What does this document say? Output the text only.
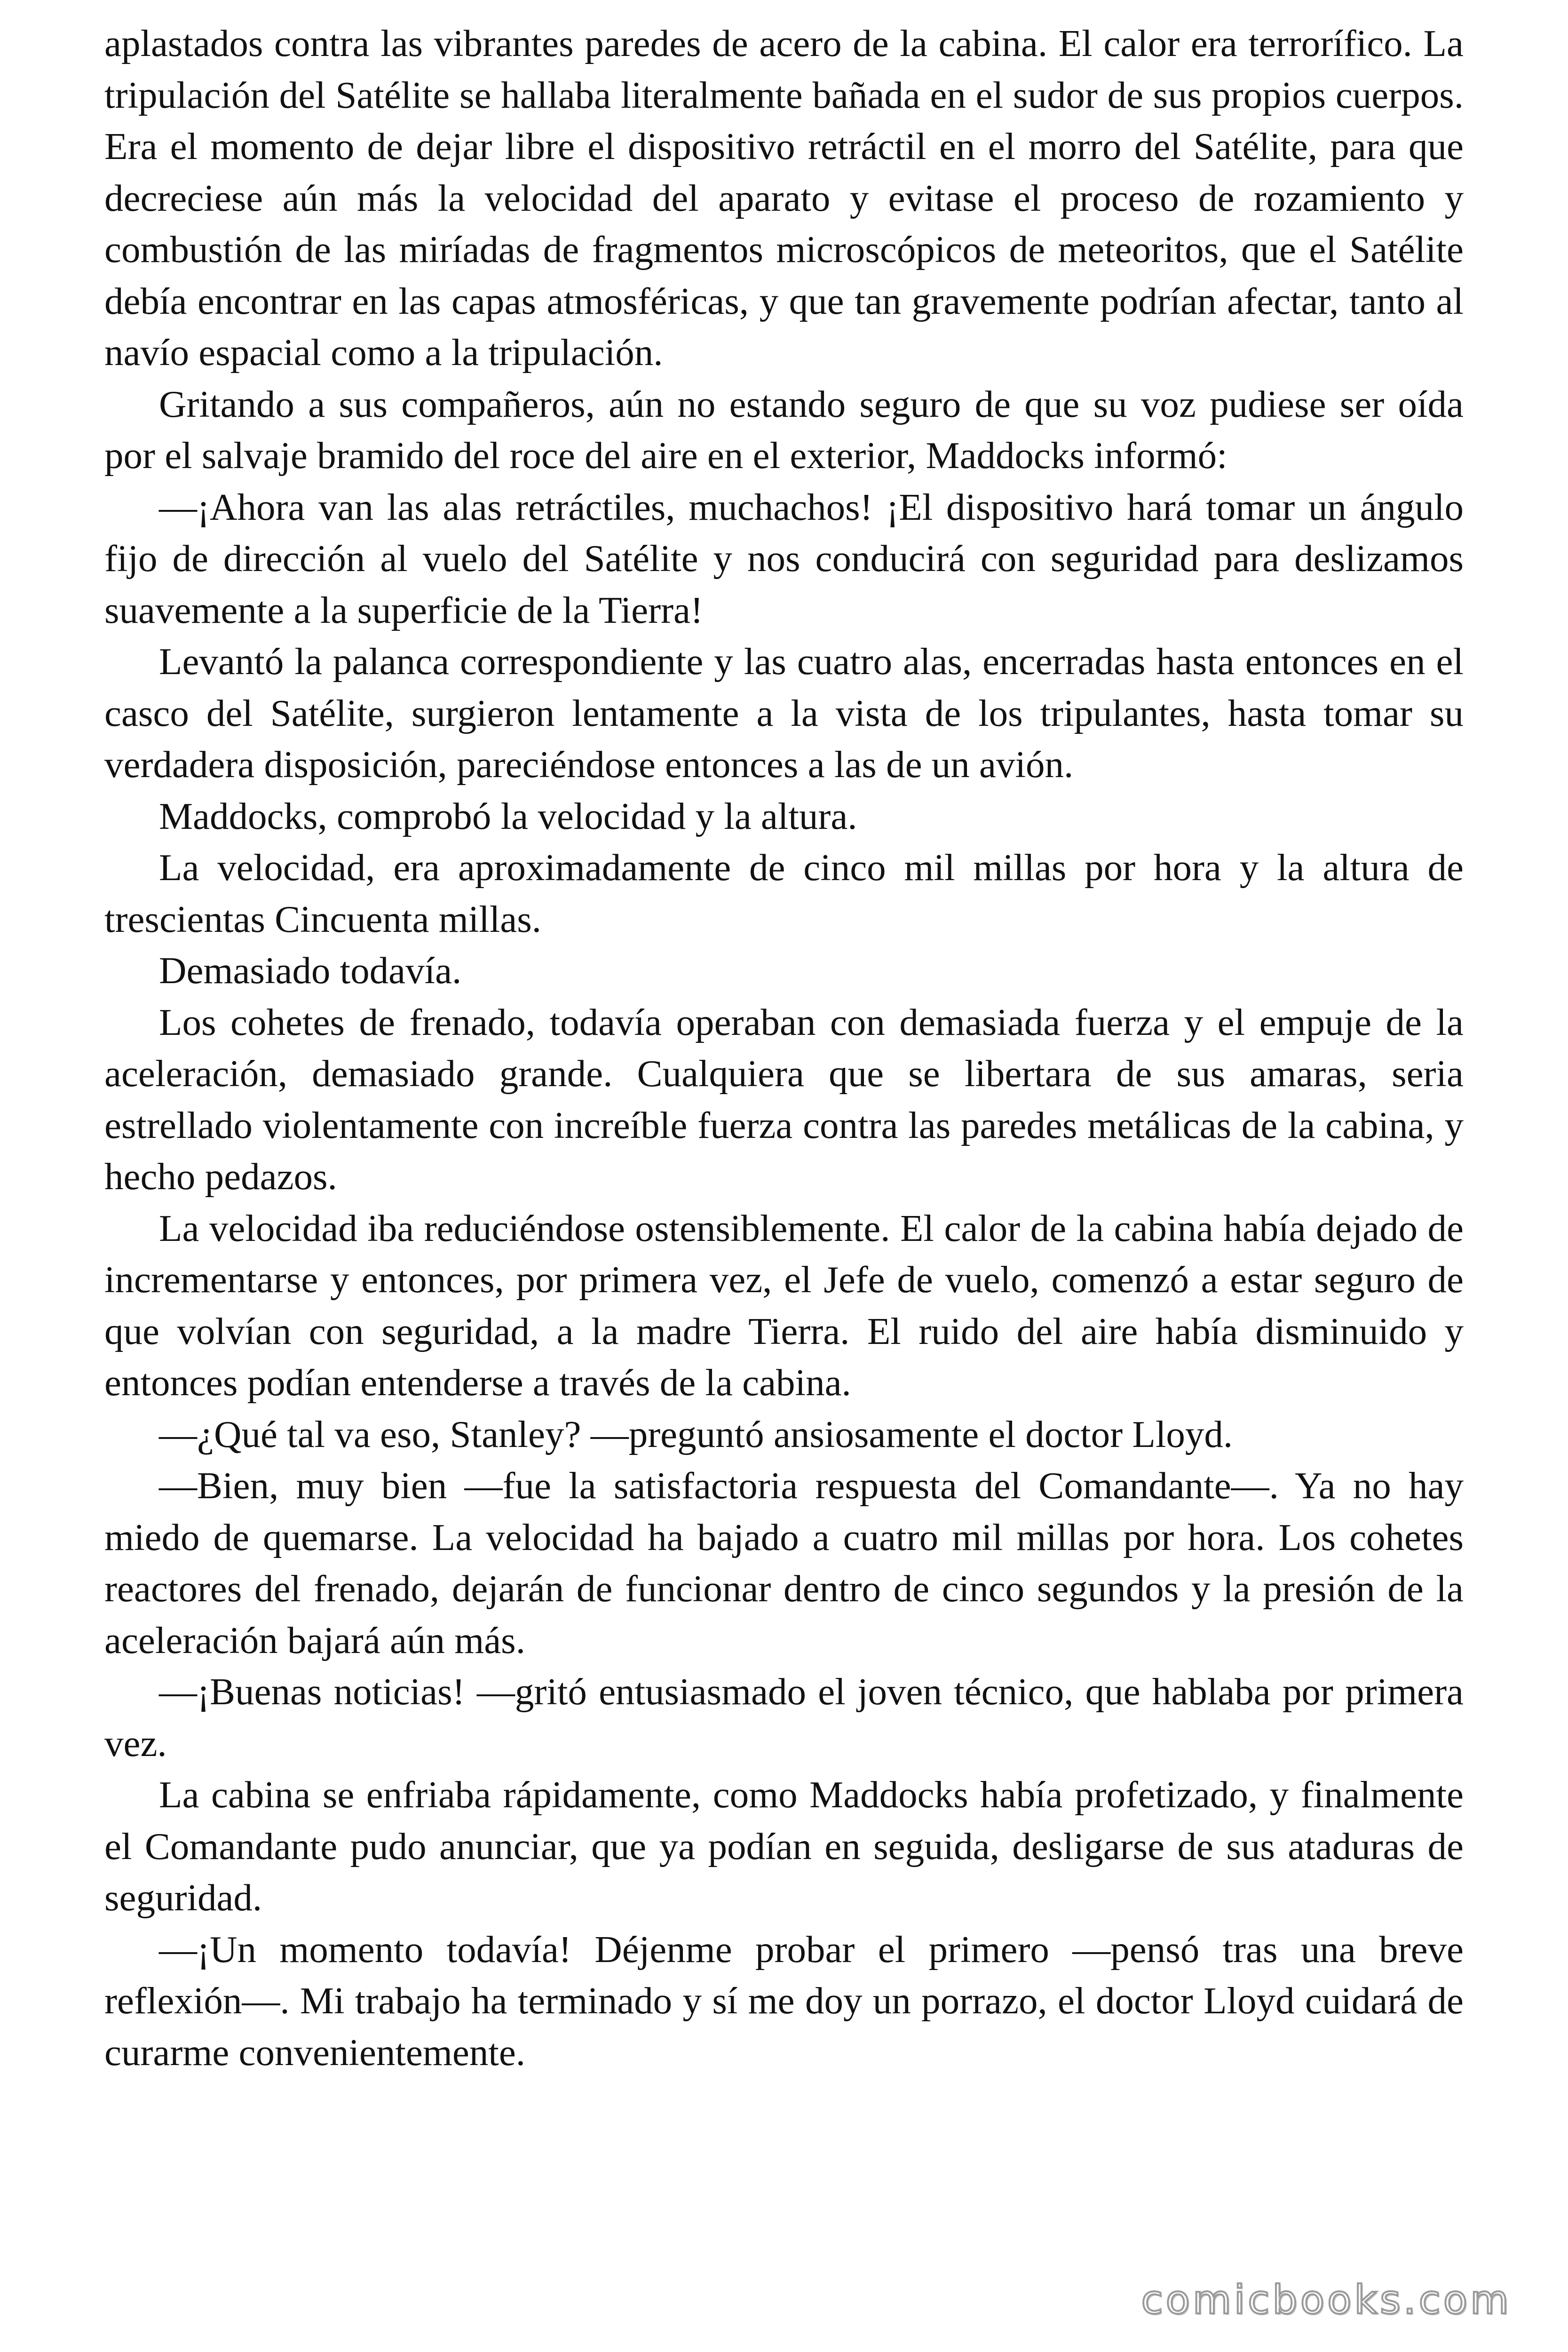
aplastados contra las vibrantes paredes de acero de la cabina. El calor era terrorífico. La tripulación del Satélite se hallaba literalmente bañada en el sudor de sus propios cuerpos. Era el momento de dejar libre el dispositivo retráctil en el morro del Satélite, para que decreciese aún más la velocidad del aparato y evitase el proceso de rozamiento y combustión de las miríadas de fragmentos microscópicos de meteoritos, que el Satélite debía encontrar en las capas atmosféricas, y que tan gravemente podrían afectar, tanto al navío espacial como a la tripulación.

Gritando a sus compañeros, aún no estando seguro de que su voz pudiese ser oída por el salvaje bramido del roce del aire en el exterior, Maddocks informó:

—¡Ahora van las alas retráctiles, muchachos! ¡El dispositivo hará tomar un ángulo fijo de dirección al vuelo del Satélite y nos conducirá con seguridad para deslizamos suavemente a la superficie de la Tierra!

Levantó la palanca correspondiente y las cuatro alas, encerradas hasta entonces en el casco del Satélite, surgieron lentamente a la vista de los tripulantes, hasta tomar su verdadera disposición, pareciéndose entonces a las de un avión.

Maddocks, comprobó la velocidad y la altura.

La velocidad, era aproximadamente de cinco mil millas por hora y la altura de trescientas Cincuenta millas.

Demasiado todavía.

Los cohetes de frenado, todavía operaban con demasiada fuerza y el empuje de la aceleración, demasiado grande. Cualquiera que se libertara de sus amaras, seria estrellado violentamente con increíble fuerza contra las paredes metálicas de la cabina, y hecho pedazos.

La velocidad iba reduciéndose ostensiblemente. El calor de la cabina había dejado de incrementarse y entonces, por primera vez, el Jefe de vuelo, comenzó a estar seguro de que volvían con seguridad, a la madre Tierra. El ruido del aire había disminuido y entonces podían entenderse a través de la cabina.

—¿Qué tal va eso, Stanley? —preguntó ansiosamente el doctor Lloyd.

—Bien, muy bien —fue la satisfactoria respuesta del Comandante—. Ya no hay miedo de quemarse. La velocidad ha bajado a cuatro mil millas por hora. Los cohetes reactores del frenado, dejarán de funcionar dentro de cinco segundos y la presión de la aceleración bajará aún más.

—¡Buenas noticias! —gritó entusiasmado el joven técnico, que hablaba por primera vez.

La cabina se enfriaba rápidamente, como Maddocks había profetizado, y finalmente el Comandante pudo anunciar, que ya podían en seguida, desligarse de sus ataduras de seguridad.

—¡Un momento todavía! Déjenme probar el primero —pensó tras una breve reflexión—. Mi trabajo ha terminado y sí me doy un porrazo, el doctor Lloyd cuidará de curarme convenientemente.

comicbooks.com
